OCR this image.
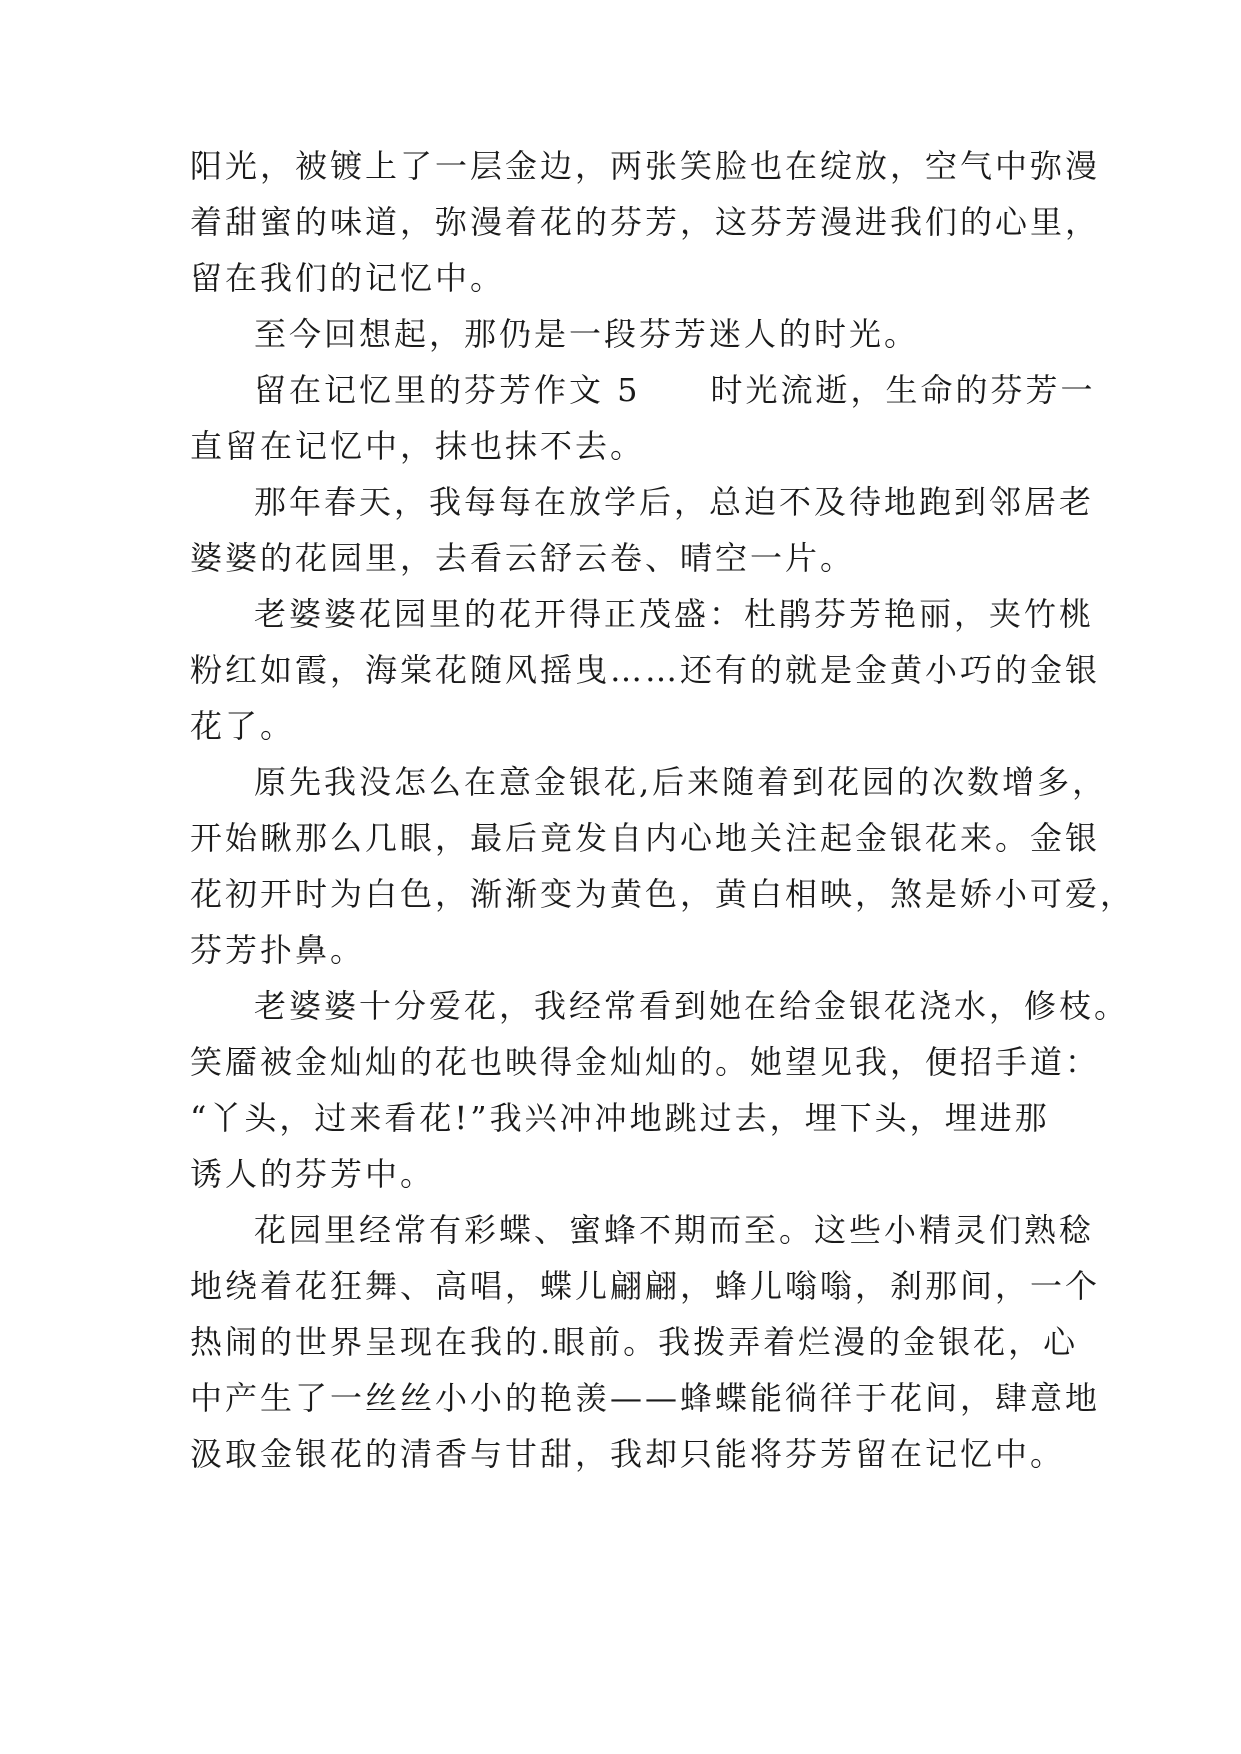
阳光，被镀上了一层金边，两张笑脸也在绽放，空气中弥漫
着甜蜜的味道，弥漫着花的芬芳，这芬芳漫进我们的心里，
留在我们的记忆中。
至今回想起，那仍是一段芬芳迷人的时光。
留在记忆里的芬芳作文 5　　时光流逝，生命的芬芳一
直留在记忆中，抹也抹不去。
那年春天，我每每在放学后，总迫不及待地跑到邻居老
婆婆的花园里，去看云舒云卷、晴空一片。
老婆婆花园里的花开得正茂盛：杜鹃芬芳艳丽，夹竹桃
粉红如霞，海棠花随风摇曳……还有的就是金黄小巧的金银
花了。
原先我没怎么在意金银花,后来随着到花园的次数增多，
开始瞅那么几眼，最后竟发自内心地关注起金银花来。金银
花初开时为白色，渐渐变为黄色，黄白相映，煞是娇小可爱，
芬芳扑鼻。
老婆婆十分爱花，我经常看到她在给金银花浇水，修枝。
笑靥被金灿灿的花也映得金灿灿的。她望见我，便招手道：
“丫头，过来看花!”我兴冲冲地跳过去，埋下头，埋进那
诱人的芬芳中。
花园里经常有彩蝶、蜜蜂不期而至。这些小精灵们熟稔
地绕着花狂舞、高唱，蝶儿翩翩，蜂儿嗡嗡，刹那间，一个
热闹的世界呈现在我的.眼前。我拨弄着烂漫的金银花，心
中产生了一丝丝小小的艳羡——蜂蝶能徜徉于花间，肆意地
汲取金银花的清香与甘甜，我却只能将芬芳留在记忆中。
